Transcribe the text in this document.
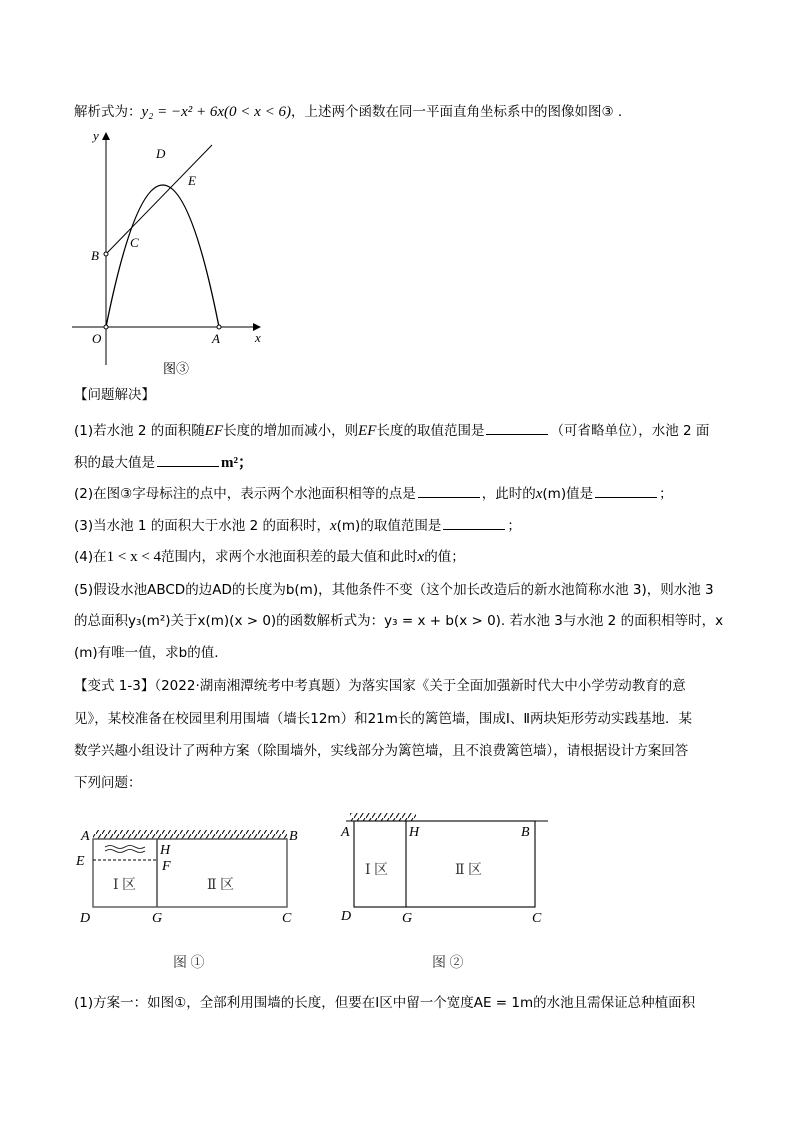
解析式为：y₂ = −x² + 6x(0 < x < 6)，上述两个函数在同一平面直角坐标系中的图像如图③ .
y
x
O	A
B
C
D
E
图③
【问题解决】
(1)若水池 2 的面积随EF长度的增加而减小，则EF长度的取值范围是	（可省略单位），水池 2 面
积的最大值是	m²；
(2)在图③字母标注的点中，表示两个水池面积相等的点是	，此时的x(m)值是	；
(3)当水池 1 的面积大于水池 2 的面积时，x(m)的取值范围是	；
(4)在1 < x < 4范围内，求两个水池面积差的最大值和此时x的值；
(5)假设水池ABCD的边AD的长度为b(m)，其他条件不变（这个加长改造后的新水池简称水池 3)，则水池 3
的总面积y₃(m²)关于x(m)(x > 0)的函数解析式为：y₃ = x + b(x > 0). 若水池 3与水池 2 的面积相等时，x
(m)有唯一值，求b的值.
【变式 1-3】（2022·湖南湘潭统考中考真题）为落实国家《关于全面加强新时代大中小学劳动教育的意
见》，某校准备在校园里利用围墙（墙长12m）和21m长的篱笆墙，围成Ⅰ、Ⅱ两块矩形劳动实践基地．某
数学兴趣小组设计了两种方案（除围墙外，实线部分为篱笆墙，且不浪费篱笆墙），请根据设计方案回答
下列问题：
A	B
E
H
F
D	G	C
Ⅰ 区	Ⅱ 区
图 ①
A	H	B
D	G	C
Ⅰ 区	Ⅱ 区
图 ②
(1)方案一：如图①，全部利用围墙的长度，但要在Ⅰ区中留一个宽度AE = 1m的水池且需保证总种植面积
